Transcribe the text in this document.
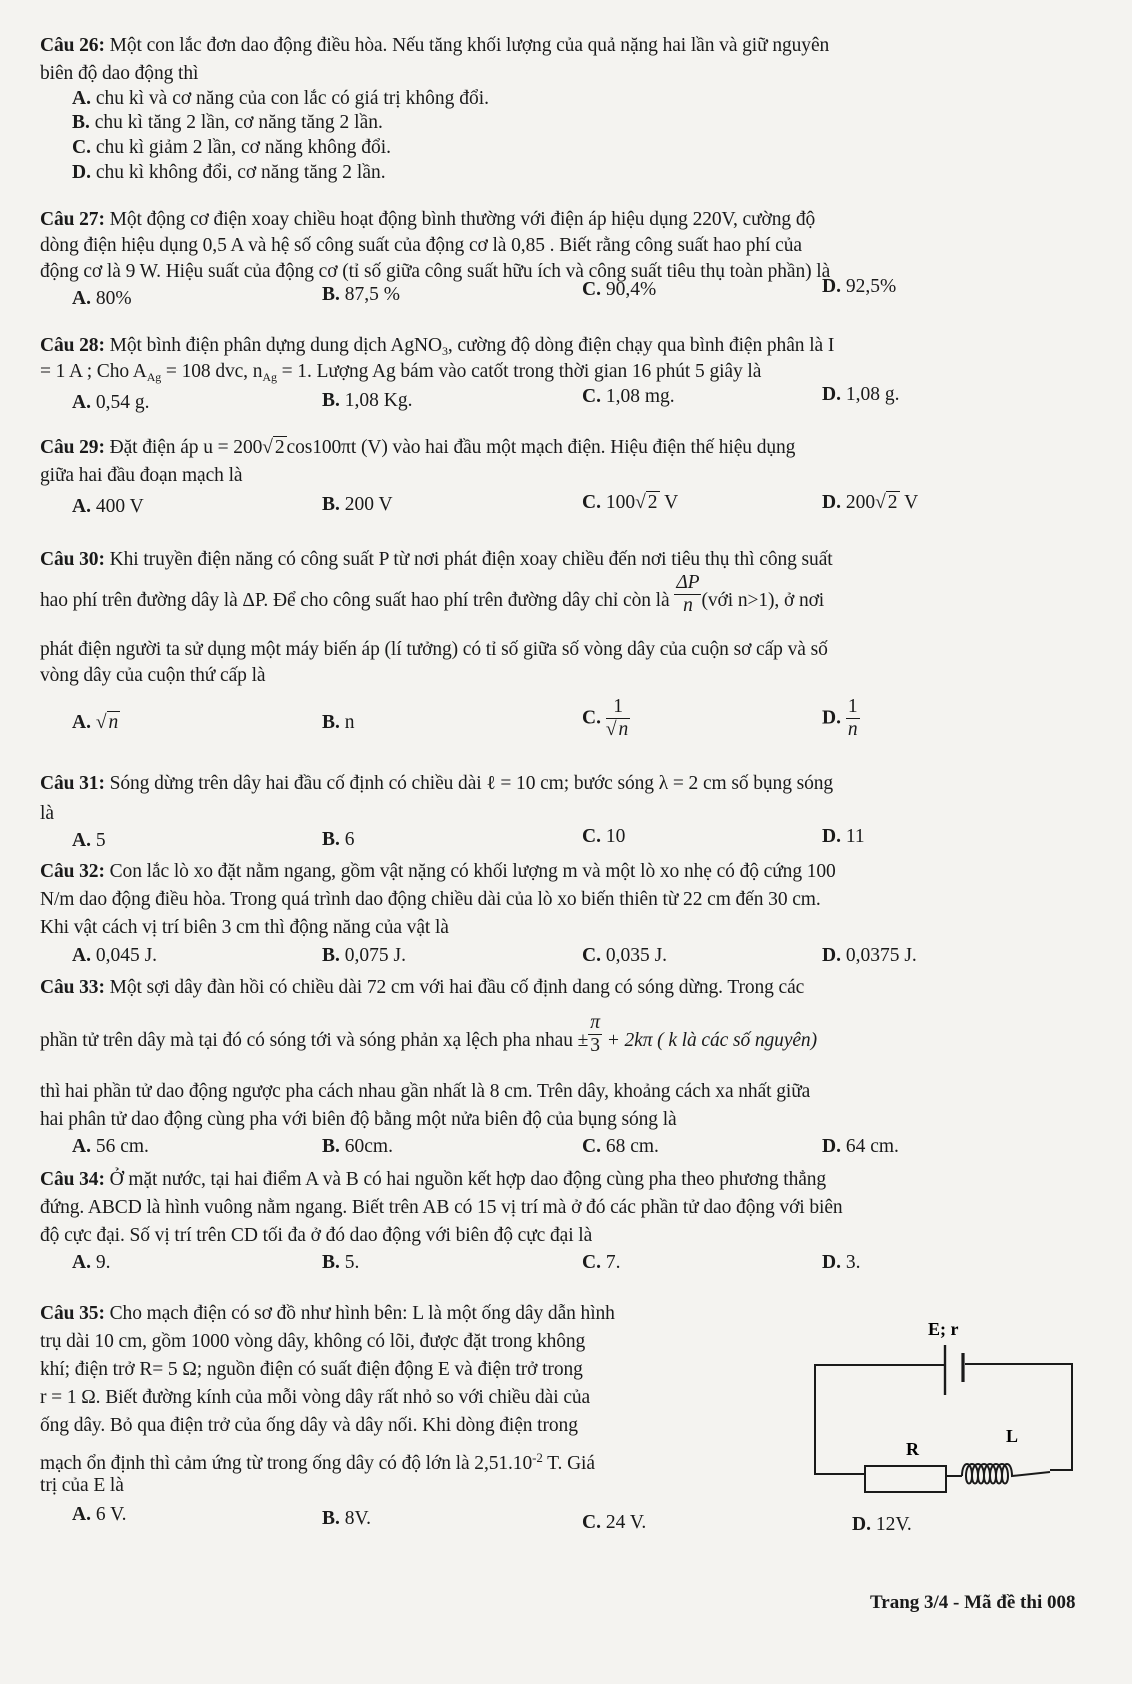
Câu 26: Một con lắc đơn dao động điều hòa. Nếu tăng khối lượng của quả nặng hai lần và giữ nguyên
biên độ dao động thì
A. chu kì và cơ năng của con lắc có giá trị không đổi.
B. chu kì tăng 2 lần, cơ năng tăng 2 lần.
C. chu kì giảm 2 lần, cơ năng không đổi.
D. chu kì không đổi, cơ năng tăng 2 lần.
Câu 27: Một động cơ điện xoay chiều hoạt động bình thường với điện áp hiệu dụng 220V, cường độ
dòng điện hiệu dụng 0,5 A và hệ số công suất của động cơ là 0,85 . Biết rằng công suất hao phí của
động cơ là 9 W. Hiệu suất của động cơ (tỉ số giữa công suất hữu ích và công suất tiêu thụ toàn phần) là
A. 80%	B. 87,5 %	C. 90,4%	D. 92,5%
Câu 28: Một bình điện phân dựng dung dịch AgNO$_3$, cường độ dòng điện chạy qua bình điện phân là I
= 1 A ; Cho $A_{Ag} = 108$ dvc, $n_{Ag} = 1$. Lượng Ag bám vào catốt trong thời gian 16 phút 5 giây là
A. 0,54 g.	B. 1,08 Kg.	C. 1,08 mg.	D. 1,08 g.
Câu 29: Đặt điện áp u = 200√ 2 cos100πt (V) vào hai đầu một mạch điện. Hiệu điện thế hiệu dụng
giữa hai đầu đoạn mạch là
A. 400 V	B. 200 V	C. 100√ 2 V	D. 200√ 2 V
Câu 30: Khi truyền điện năng có công suất P từ nơi phát điện xoay chiều đến nơi tiêu thụ thì công suất
hao phí trên đường dây là ΔP. Để cho công suất hao phí trên đường dây chỉ còn là $\frac{\Delta P}{n}$ (với n>1), ở nơi
phát điện người ta sử dụng một máy biến áp (lí tưởng) có tỉ số giữa số vòng dây của cuộn sơ cấp và số
vòng dây của cuộn thứ cấp là
A. √ n	B. n	C. $\frac{1}{√ n}$	D. $\frac{1}{n}$
Câu 31: Sóng dừng trên dây hai đầu cố định có chiều dài ℓ = 10 cm; bước sóng λ = 2 cm số bụng sóng
là
A. 5	B. 6	C. 10	D. 11
Câu 32: Con lắc lò xo đặt nằm ngang, gồm vật nặng có khối lượng m và một lò xo nhẹ có độ cứng 100
N/m dao động điều hòa. Trong quá trình dao động chiều dài của lò xo biến thiên từ 22 cm đến 30 cm.
Khi vật cách vị trí biên 3 cm thì động năng của vật là
A. 0,045 J.	B. 0,075 J.	C. 0,035 J.	D. 0,0375 J.
Câu 33: Một sợi dây đàn hồi có chiều dài 72 cm với hai đầu cố định dang có sóng dừng. Trong các
phần tử trên dây mà tại đó có sóng tới và sóng phản xạ lệch pha nhau ± $\frac{\pi}{3} + 2k\pi$ ( k là các số nguyên)
thì hai phần tử dao động ngược pha cách nhau gần nhất là 8 cm. Trên dây, khoảng cách xa nhất giữa
hai phân tử dao động cùng pha với biên độ bằng một nửa biên độ của bụng sóng là
A. 56 cm.	B. 60cm.	C. 68 cm.	D. 64 cm.
Câu 34: Ở mặt nước, tại hai điểm A và B có hai nguồn kết hợp dao động cùng pha theo phương thẳng
đứng. ABCD là hình vuông nằm ngang. Biết trên AB có 15 vị trí mà ở đó các phần tử dao động với biên
độ cực đại. Số vị trí trên CD tối đa ở đó dao động với biên độ cực đại là
A. 9.	B. 5.	C. 7.	D. 3.
Câu 35: Cho mạch điện có sơ đồ như hình bên: L là một ống dây dẫn hình
trụ dài 10 cm, gồm 1000 vòng dây, không có lõi, được đặt trong không
khí; điện trở R= 5 Ω; nguồn điện có suất điện động E và điện trở trong
r = 1 Ω. Biết đường kính của mỗi vòng dây rất nhỏ so với chiều dài của
ống dây. Bỏ qua điện trở của ống dây và dây nối. Khi dòng điện trong
mạch ổn định thì cảm ứng từ trong ống dây có độ lớn là $2,51.10^{-2}$ T. Giá
trị của E là
A. 6 V.	B. 8V.	C. 24 V.	D. 12V.
E; r
R
L
Trang 3/4 - Mã đề thi 008
